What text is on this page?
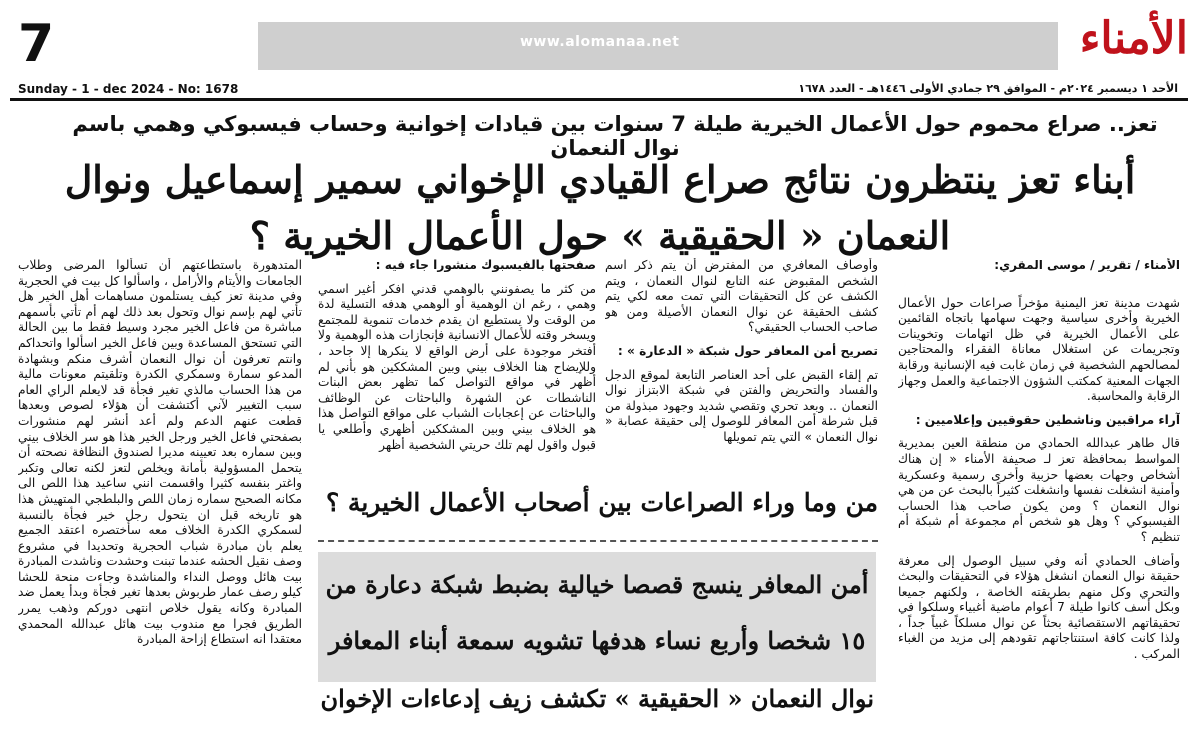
7	www.alomanaa.net	الأمناء
Sunday - 1 - dec 2024 - No: 1678	الأحد ١ ديسمبر ٢٠٢٤م - الموافق ٢٩ جمادي الأولى ١٤٤٦هـ - العدد ١٦٧٨
تعز.. صراع محموم حول الأعمال الخيرية طيلة 7 سنوات بين قيادات إخوانية وحساب فيسبوكي وهمي باسم نوال النعمان
أبناء تعز ينتظرون نتائج صراع القيادي الإخواني سمير إسماعيل ونوال النعمان « الحقيقية » حول الأعمال الخيرية ؟
الأمناء / تقرير / موسى المقري:

شهدت مدينة تعز اليمنية مؤخراً صراعات حول الأعمال الخيرية وأخرى سياسية وجهت سهامها باتجاه القائمين على الأعمال الخيرية في ظل اتهامات وتخوينات وتجريمات عن استغلال معاناة الفقراء والمحتاجين لمصالحهم الشخصية في زمان غابت فيه الإنسانية ورقابة الجهات المعنية كمكتب الشؤون الاجتماعية والعمل وجهاز الرقابة والمحاسبة.

آراء مراقبين وناشطين حقوقيين وإعلاميين :

قال طاهر عبدالله الحمادي من منطقة العين بمديرية المواسط بمحافظة تعز لـ صحيفة الأمناء « إن هناك أشخاص وجهات بعضها حزبية وأخرى رسمية وعسكرية وأمنية انشغلت نفسها وانشغلت كثيراً بالبحث عن من هي نوال النعمان ؟ ومن يكون صاحب هذا الحساب الفيسبوكي ؟ وهل هو شخص أم مجموعة أم شبكة أم تنظيم ؟

وأضاف الحمادي أنه وفي سبيل الوصول إلى معرفة حقيقة نوال النعمان انشغل هؤلاء في التحقيقات والبحث والتحري وكل منهم بطريقته الخاصة ، ولكنهم جميعا وبكل أسف كانوا طيلة 7 أعوام ماضية أغبياء وسلكوا في تحقيقاتهم الاستقصائية بحثاً عن نوال مسلكاً غبياً جداً ، ولذا كانت كافة استنتاجاتهم تقودهم إلى مزيد من الغباء المركب .

وأوصاف المعافري من المفترض أن يتم ذكر اسم الشخص المقبوض عنه التابع لنوال النعمان ، ويتم الكشف عن كل التحقيقات التي تمت معه لكي يتم كشف الحقيقة عن نوال النعمان الأصيلة ومن هو صاحب الحساب الحقيقي؟

تصريح أمن المعافر حول شبكة « الدعارة » :

تم إلقاء القبض على أحد العناصر التابعة لموقع الدجل والفساد والتحريض والفتن في شبكة الابتزاز نوال النعمان .. وبعد تحري وتقصي شديد وجهود مبذولة من قبل شرطة أمن المعافر للوصول إلى حقيقة عصابة « نوال النعمان » التي يتم تمويلها

صفحتها بالفيسبوك منشورا جاء فيه :

من كثر ما يصفونني بالوهمي قدني افكر أغير اسمي وهمي ، رغم ان الوهمية أو الوهمي هدفه التسلية لدة من الوقت ولا يستطيع ان يقدم خدمات تنموية للمجتمع ويسخر وقته للأعمال الانسانية فإنجازات هذه الوهمية ولا أفتخر موجودة على أرض الواقع لا ينكرها إلا جاحد ، وللإيضاح هنا الخلاف بيني وبين المشككين هو بأني لم أظهر في مواقع التواصل كما تظهر بعض البنات الناشطات عن الشهرة والباحثات عن الوظائف والباحثات عن إعجابات الشباب على مواقع التواصل هذا هو الخلاف بيني وبين المشككين أظهري وأطلعي يا قبول واقول لهم تلك حريتي الشخصية أظهر

المتدهورة باستطاعتهم أن تسألوا المرضى وطلاب الجامعات والأيتام والأرامل ، واسألوا كل بيت في الحجرية وفي مدينة تعز كيف يستلمون مساهمات أهل الخير هل تأتي لهم بإسم نوال وتحول بعد ذلك لهم أم تأتي بأسمهم مباشرة من فاعل الخير مجرد وسيط فقط ما بين الحالة التي تستحق المساعدة وبين فاعل الخير اسألوا واتحداكم وانتم تعرفون أن نوال النعمان أشرف منكم وبشهادة المدعو سمارة وسمكري الكدرة وتلقيتم معونات مالية من هذا الحساب مالذي تغير فجأة قد لايعلم الراي العام سبب التغيير لآني أكتشفت أن هؤلاء لصوص وبعدها قطعت عنهم الدعم ولم أعد أنشر لهم منشورات بصفحتي فاعل الخير ورجل الخير هذا هو سر الخلاف بيني وبين سماره بعد تعيينه مديرا لصندوق النظافة نصحته أن يتحمل المسؤولية بأمانة ويخلص لتعز لكنه تعالى وتكبر واغتر بنفسه كثيرا واقسمت انني ساعيد هذا اللص الى مكانه الصحيح سماره زمان اللص والبلطجي المتهيش هذا هو تاريخه قبل ان يتحول رجل خير فجأة بالنسبة لسمكري الكدرة الخلاف معه سأختصره اعتقد الجميع يعلم بان مبادرة شباب الحجرية وتحديدا في مشروع وصف نقيل الحشه عندما تبنت وحشدت وناشدت المبادرة بيت هائل ووصل النداء والمناشدة وجاءت منحة للحشا كيلو رصف عمار طربوش بعدها تغير فجأة وبدأ يعمل ضد المبادرة وكانه يقول خلاص انتهى دوركم وذهب يمرر الطريق فجرا مع مندوب بيت هائل عبدالله المحمدي معتقدا انه استطاع إزاحة المبادرة

من وما وراء الصراعات بين أصحاب الأعمال الخيرية ؟
أمن المعافر ينسج قصصا خيالية بضبط شبكة دعارة من
١٥ شخصا وأربع نساء هدفها تشويه سمعة أبناء المعافر
نوال النعمان « الحقيقية » تكشف زيف إدعاءات الإخوان
